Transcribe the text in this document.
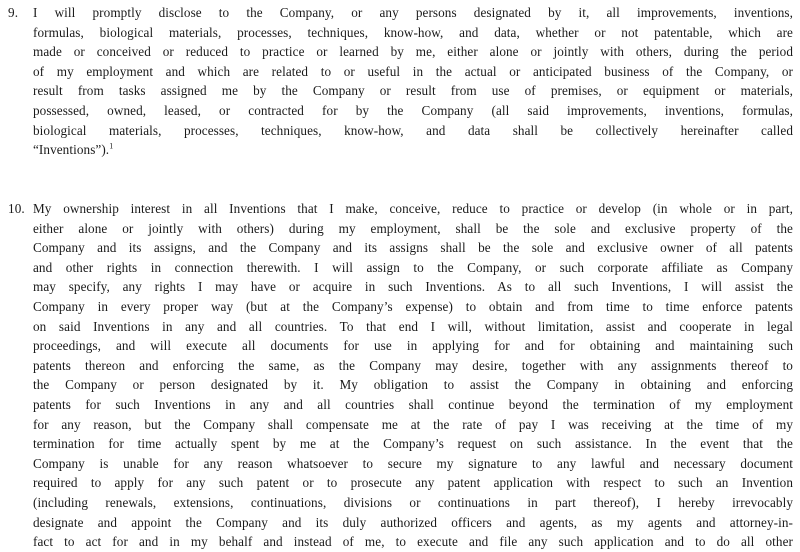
9. I will promptly disclose to the Company, or any persons designated by it, all improvements, inventions,
formulas, biological materials, processes, techniques, know-how, and data, whether or not patentable, which are
made or conceived or reduced to practice or learned by me, either alone or jointly with others, during the period
of my employment and which are related to or useful in the actual or anticipated business of the Company, or
result from tasks assigned me by the Company or result from use of premises, or equipment or materials,
possessed, owned, leased, or contracted for by the Company (all said improvements, inventions, formulas,
biological materials, processes, techniques, know-how, and data shall be collectively hereinafter called
“Inventions”).$^1$
10. My ownership interest in all Inventions that I make, conceive, reduce to practice or develop (in whole or in part,
either alone or jointly with others) during my employment, shall be the sole and exclusive property of the
Company and its assigns, and the Company and its assigns shall be the sole and exclusive owner of all patents
and other rights in connection therewith. I will assign to the Company, or such corporate affiliate as Company
may specify, any rights I may have or acquire in such Inventions. As to all such Inventions, I will assist the
Company in every proper way (but at the Company’s expense) to obtain and from time to time enforce patents
on said Inventions in any and all countries. To that end I will, without limitation, assist and cooperate in legal
proceedings, and will execute all documents for use in applying for and for obtaining and maintaining such
patents thereon and enforcing the same, as the Company may desire, together with any assignments thereof to
the Company or person designated by it. My obligation to assist the Company in obtaining and enforcing
patents for such Inventions in any and all countries shall continue beyond the termination of my employment
for any reason, but the Company shall compensate me at the rate of pay I was receiving at the time of my
termination for time actually spent by me at the Company’s request on such assistance. In the event that the
Company is unable for any reason whatsoever to secure my signature to any lawful and necessary document
required to apply for any such patent or to prosecute any patent application with respect to such an Invention
(including renewals, extensions, continuations, divisions or continuations in part thereof), I hereby irrevocably
designate and appoint the Company and its duly authorized officers and agents, as my agents and attorney-in-
fact to act for and in my behalf and instead of me, to execute and file any such application and to do all other
